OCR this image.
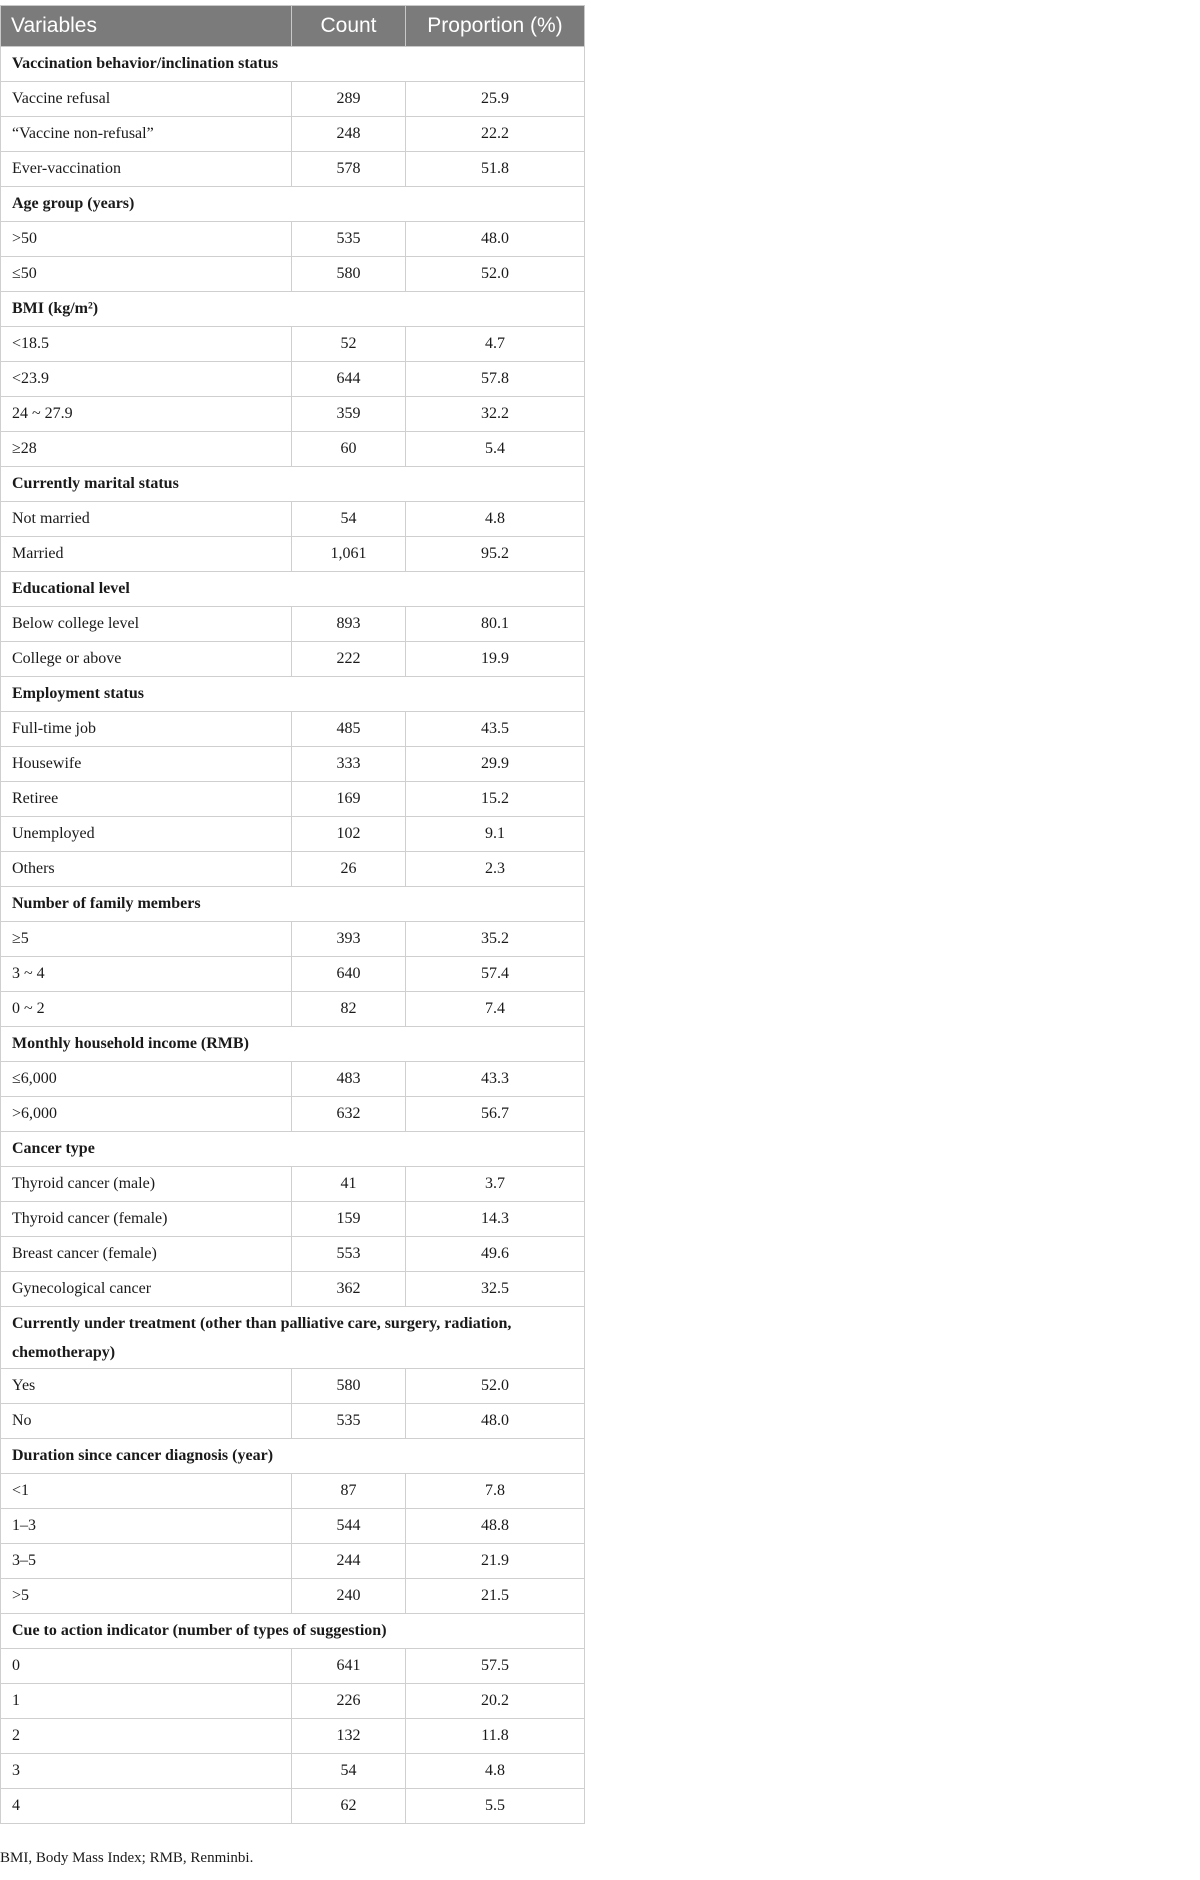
Variables	Count	Proportion (%)
Vaccination behavior/inclination status		
Vaccine refusal	289	25.9
“Vaccine non-refusal”	248	22.2
Ever-vaccination	578	51.8
Age group (years)		
>50	535	48.0
≤50	580	52.0
BMI (kg/m²)		
<18.5	52	4.7
<23.9	644	57.8
24 ~ 27.9	359	32.2
≥28	60	5.4
Currently marital status		
Not married	54	4.8
Married	1,061	95.2
Educational level		
Below college level	893	80.1
College or above	222	19.9
Employment status		
Full-time job	485	43.5
Housewife	333	29.9
Retiree	169	15.2
Unemployed	102	9.1
Others	26	2.3
Number of family members		
≥5	393	35.2
3 ~ 4	640	57.4
0 ~ 2	82	7.4
Monthly household income (RMB)		
≤6,000	483	43.3
>6,000	632	56.7
Cancer type		
Thyroid cancer (male)	41	3.7
Thyroid cancer (female)	159	14.3
Breast cancer (female)	553	49.6
Gynecological cancer	362	32.5
Currently under treatment (other than palliative care, surgery, radiation, chemotherapy)		
Yes	580	52.0
No	535	48.0
Duration since cancer diagnosis (year)		
<1	87	7.8
1–3	544	48.8
3–5	244	21.9
>5	240	21.5
Cue to action indicator (number of types of suggestion)		
0	641	57.5
1	226	20.2
2	132	11.8
3	54	4.8
4	62	5.5

BMI, Body Mass Index; RMB, Renminbi.
